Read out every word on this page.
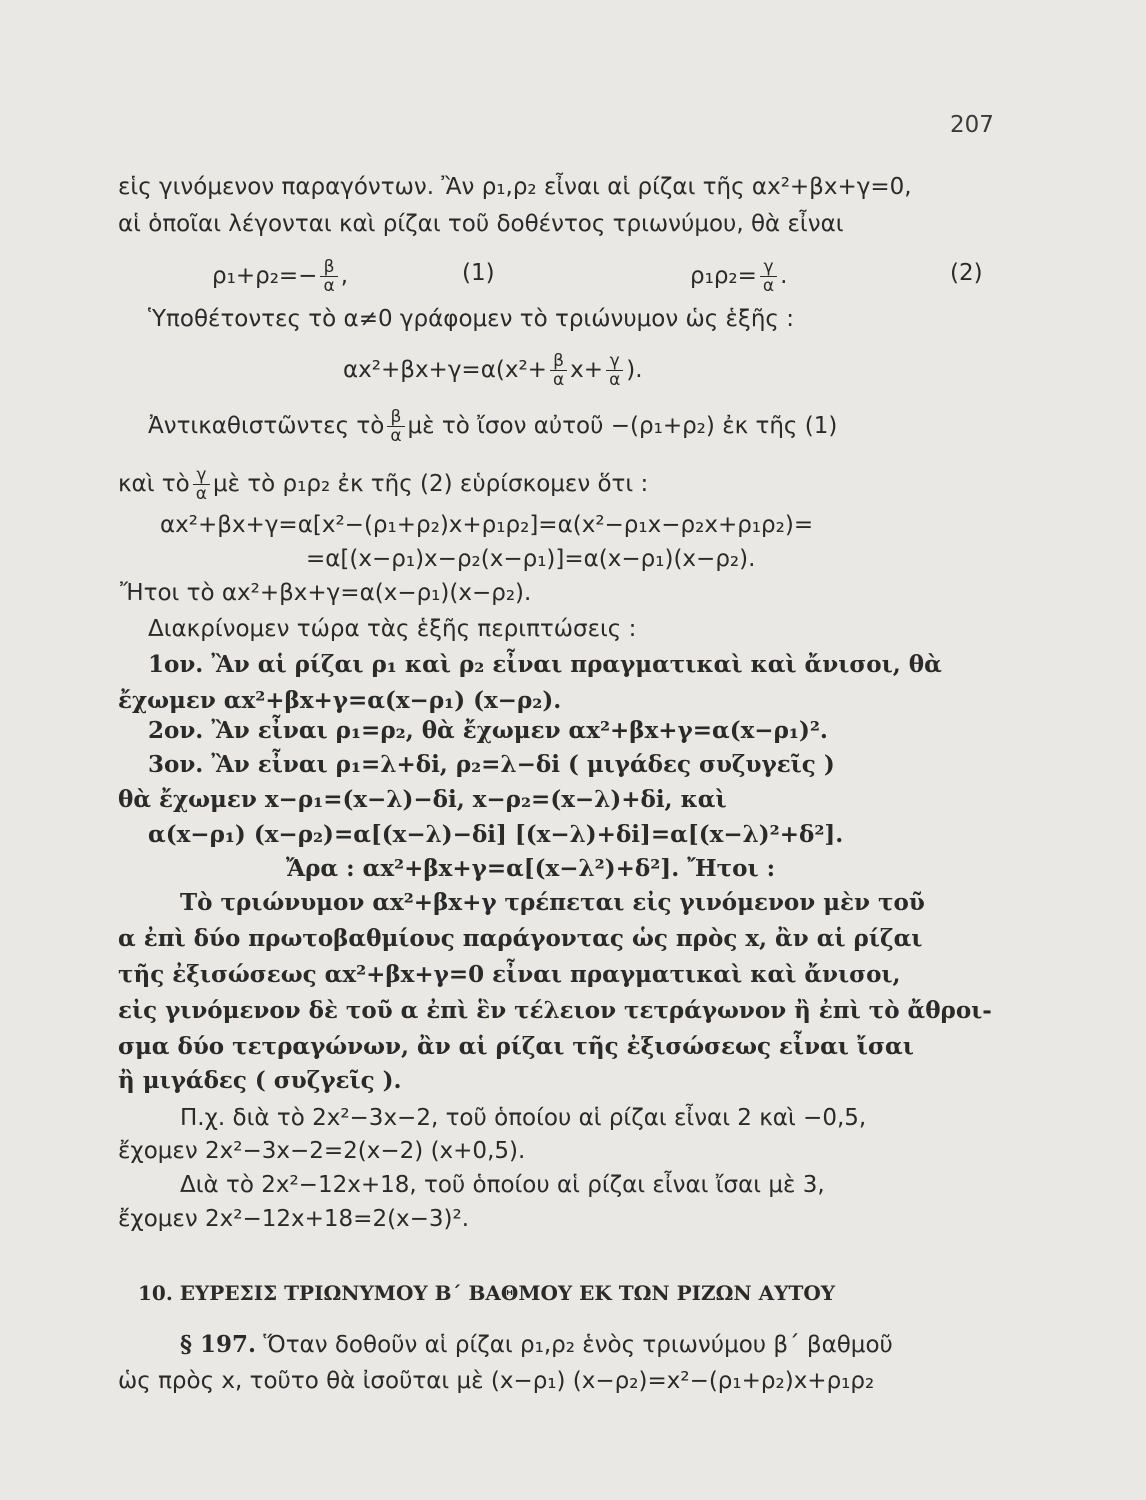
207
εἱς γινόμενον παραγόντων. Ἂν ρ₁,ρ₂ εἶναι αἱ ρίζαι τῆς αx²+βx+γ=0,
αἱ ὁποῖαι λέγονται καὶ ρίζαι τοῦ δοθέντος τριωνύμου, θὰ εἶναι
$\rho_1+\rho_2=- \frac{\beta}{\alpha}$ ,	(1)	$\rho_1\rho_2= \frac{\gamma}{\alpha}$ .	(2)
Ὑποθέτοντες τὸ α≠0 γράφομεν τὸ τριώνυμον ὡς ἑξῆς :
$\alpha x^2+\beta x+\gamma=\alpha(x^2+ \frac{\beta}{\alpha} x+ \frac{\gamma}{\alpha}$ ).
Ἀντικαθιστῶντες τὸ $\frac{\beta}{\alpha}$ μὲ τὸ ἴσον αὐτοῦ −(ρ₁+ρ₂) ἐκ τῆς (1)
καὶ τὸ $\frac{\gamma}{\alpha}$ μὲ τὸ ρ₁ρ₂ ἐκ τῆς (2) εὑρίσκομεν ὅτι :
αx²+βx+γ=α[x²−(ρ₁+ρ₂)x+ρ₁ρ₂]=α(x²−ρ₁x−ρ₂x+ρ₁ρ₂)=
=α[(x−ρ₁)x−ρ₂(x−ρ₁)]=α(x−ρ₁)(x−ρ₂).
Ἤτοι τὸ αx²+βx+γ=α(x−ρ₁)(x−ρ₂).
Διακρίνομεν τώρα τὰς ἑξῆς περιπτώσεις :
1ον. Ἂν αἱ ρίζαι ρ₁ καὶ ρ₂ εἶναι πραγματικαὶ καὶ ἄνισοι, θὰ
ἔχωμεν αx²+βx+γ=α(x−ρ₁) (x−ρ₂).
2ον. Ἂν εἶναι ρ₁=ρ₂, θὰ ἔχωμεν αx²+βx+γ=α(x−ρ₁)².
3ον. Ἂν εἶναι ρ₁=λ+δi, ρ₂=λ−δi ( μιγάδες συζυγεῖς )
θὰ ἔχωμεν x−ρ₁=(x−λ)−δi, x−ρ₂=(x−λ)+δi, καὶ
α(x−ρ₁) (x−ρ₂)=α[(x−λ)−δi] [(x−λ)+δi]=α[(x−λ)²+δ²].
Ἄρα : αx²+βx+γ=α[(x−λ²)+δ²]. Ἤτοι :
Τὸ τριώνυμον αx²+βx+γ τρέπεται εἰς γινόμενον μὲν τοῦ
α ἐπὶ δύο πρωτοβαθμίους παράγοντας ὡς πρὸς x, ἂν αἱ ρίζαι
τῆς ἐξισώσεως αx²+βx+γ=0 εἶναι πραγματικαὶ καὶ ἄνισοι,
εἰς γινόμενον δὲ τοῦ α ἐπὶ ἓν τέλειον τετράγωνον ἢ ἐπὶ τὸ ἄθροι-
σμα δύο τετραγώνων, ἂν αἱ ρίζαι τῆς ἐξισώσεως εἶναι ἴσαι
ἢ μιγάδες ( συζγεῖς ).
Π.χ. διὰ τὸ 2x²−3x−2, τοῦ ὁποίου αἱ ρίζαι εἶναι 2 καὶ −0,5,
ἔχομεν 2x²−3x−2=2(x−2) (x+0,5).
Διὰ τὸ 2x²−12x+18, τοῦ ὁποίου αἱ ρίζαι εἶναι ἴσαι μὲ 3,
ἔχομεν 2x²−12x+18=2(x−3)².
10. ΕΥΡΕΣΙΣ ΤΡΙΩΝΥΜΟΥ Β΄ ΒΑΘΜΟΥ ΕΚ ΤΩΝ ΡΙΖΩΝ ΑΥΤΟΥ
§ 197. Ὅταν δοθοῦν αἱ ρίζαι ρ₁,ρ₂ ἑνὸς τριωνύμου β΄ βαθμοῦ
ὡς πρὸς x, τοῦτο θὰ ἰσοῦται μὲ (x−ρ₁) (x−ρ₂)=x²−(ρ₁+ρ₂)x+ρ₁ρ₂
